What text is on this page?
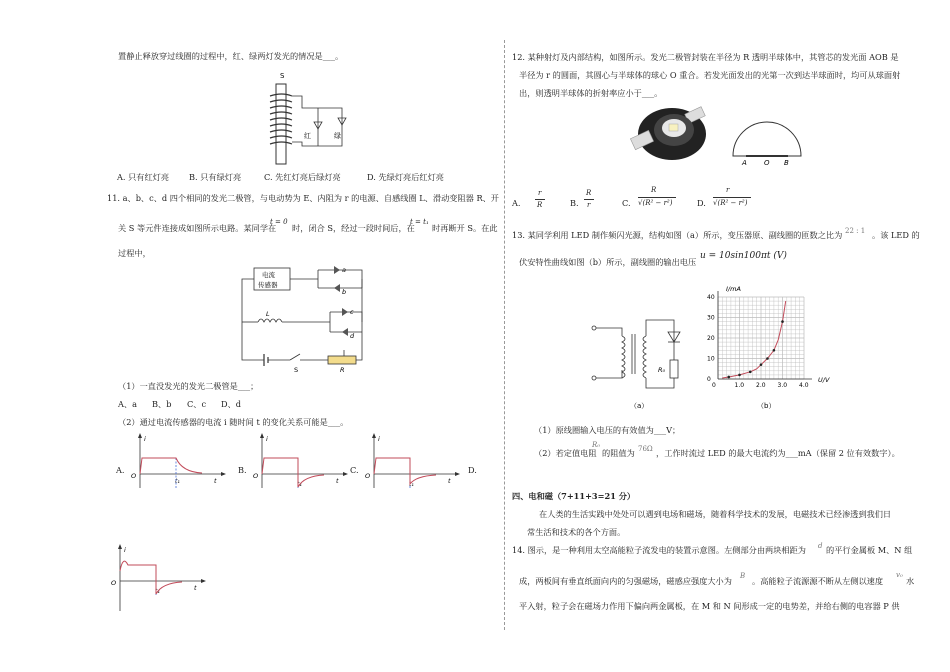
置静止释放穿过线圈的过程中，红、绿两灯发光的情况是___。
S
红	绿
A. 只有红灯亮 B. 只有绿灯亮	C. 先红灯亮后绿灯亮	D. 先绿灯亮后红灯亮
11. a、b、c、d 四个相同的发光二极管，与电动势为 E、内阻为 r 的电源、自感线圈 L、滑动变阻器 R、开
关 S 等元件连接成如图所示电路。某同学在
t = 0
时，闭合 S，经过一段时间后，在
t = t₁
时再断开 S。在此
过程中，
电流
传感器
a
b
c
d
L
S	R
（1）一直没发光的发光二极管是___；
A、a B、b C、c D、d
（2）通过电流传感器的电流 i 随时间 t 的变化关系可能是___。
A.	B.	C.	D.
i
t
O
t₁
i
t
O
t₁
i
t
O
t₁
i
t
O
t₁
12. 某种射灯及内部结构，如图所示。发光二极管封装在半径为 R 透明半球体中，其管芯的发光面 AOB 是
半径为 r 的圆面，其圆心与半球体的球心 O 重合。若发光面发出的光第一次到达半球面时，均可从球面射
出，则透明半球体的折射率应小于___。
A O B
A.
r
R	B.
R
r	C.
R
√(R² − r²)	D.
r
√(R² − r²)
13. 某同学利用 LED 制作频闪光源，结构如图（a）所示，变压器原、副线圈的匝数之比为 22 : 1 。该 LED 的
伏安特性曲线如图（b）所示，副线圈的输出电压
u = 10sin100πt (V)
R₀
（a）
I/mA
U/V
（b）
40
30
20
10
0
1.0 2.0 3.0 4.0
0
（1）原线圈输入电压的有效值为___V；
（2）若定值电阻
R₀
的阻值为 76Ω ，工作时流过 LED 的最大电流约为___mA（保留 2 位有效数字）。
四、电和磁（7+11+3=21 分）
在人类的生活实践中处处可以遇到电场和磁场，随着科学技术的发展，电磁技术已经渗透到我们日
常生活和技术的各个方面。
14. 图示，是一种利用太空高能粒子流发电的装置示意图。左侧部分由两块相距为 d 的平行金属板 M、N 组
成，两板间有垂直纸面向内的匀强磁场，磁感应强度大小为 B 。高能粒子流源源不断从左侧以速度
v₀
水
平入射，粒子会在磁场力作用下偏向两金属板，在 M 和 N 间形成一定的电势差，并给右侧的电容器 P 供
